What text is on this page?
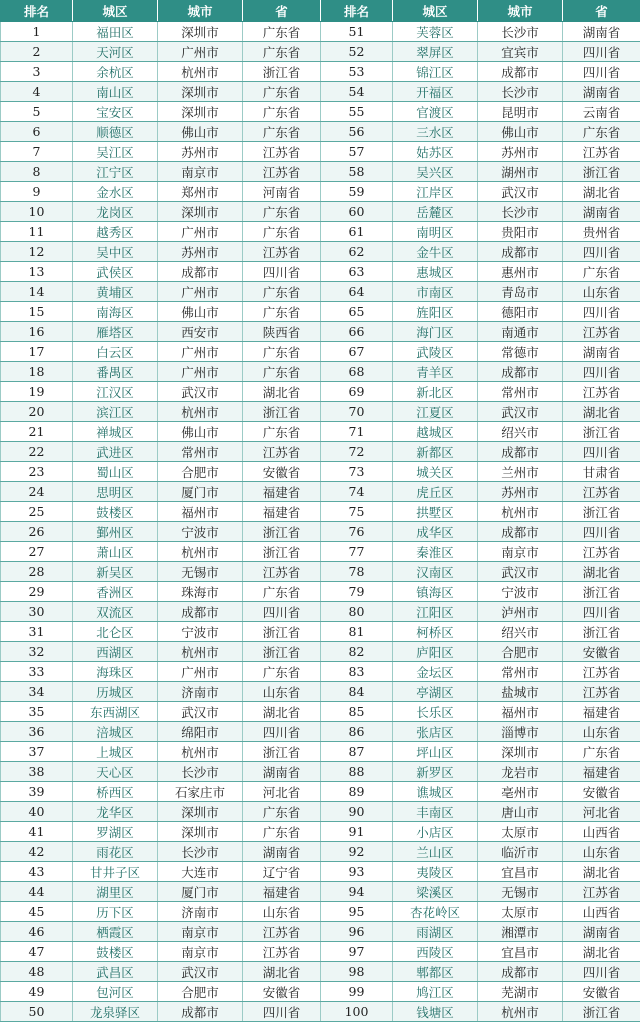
排名	城区	城市	省	排名	城区	城市	省
1	福田区	深圳市	广东省	51	芙蓉区	长沙市	湖南省
2	天河区	广州市	广东省	52	翠屏区	宜宾市	四川省
3	余杭区	杭州市	浙江省	53	锦江区	成都市	四川省
4	南山区	深圳市	广东省	54	开福区	长沙市	湖南省
5	宝安区	深圳市	广东省	55	官渡区	昆明市	云南省
6	顺德区	佛山市	广东省	56	三水区	佛山市	广东省
7	吴江区	苏州市	江苏省	57	姑苏区	苏州市	江苏省
8	江宁区	南京市	江苏省	58	吴兴区	湖州市	浙江省
9	金水区	郑州市	河南省	59	江岸区	武汉市	湖北省
10	龙岗区	深圳市	广东省	60	岳麓区	长沙市	湖南省
11	越秀区	广州市	广东省	61	南明区	贵阳市	贵州省
12	吴中区	苏州市	江苏省	62	金牛区	成都市	四川省
13	武侯区	成都市	四川省	63	惠城区	惠州市	广东省
14	黄埔区	广州市	广东省	64	市南区	青岛市	山东省
15	南海区	佛山市	广东省	65	旌阳区	德阳市	四川省
16	雁塔区	西安市	陕西省	66	海门区	南通市	江苏省
17	白云区	广州市	广东省	67	武陵区	常德市	湖南省
18	番禺区	广州市	广东省	68	青羊区	成都市	四川省
19	江汉区	武汉市	湖北省	69	新北区	常州市	江苏省
20	滨江区	杭州市	浙江省	70	江夏区	武汉市	湖北省
21	禅城区	佛山市	广东省	71	越城区	绍兴市	浙江省
22	武进区	常州市	江苏省	72	新都区	成都市	四川省
23	蜀山区	合肥市	安徽省	73	城关区	兰州市	甘肃省
24	思明区	厦门市	福建省	74	虎丘区	苏州市	江苏省
25	鼓楼区	福州市	福建省	75	拱墅区	杭州市	浙江省
26	鄞州区	宁波市	浙江省	76	成华区	成都市	四川省
27	萧山区	杭州市	浙江省	77	秦淮区	南京市	江苏省
28	新吴区	无锡市	江苏省	78	汉南区	武汉市	湖北省
29	香洲区	珠海市	广东省	79	镇海区	宁波市	浙江省
30	双流区	成都市	四川省	80	江阳区	泸州市	四川省
31	北仑区	宁波市	浙江省	81	柯桥区	绍兴市	浙江省
32	西湖区	杭州市	浙江省	82	庐阳区	合肥市	安徽省
33	海珠区	广州市	广东省	83	金坛区	常州市	江苏省
34	历城区	济南市	山东省	84	亭湖区	盐城市	江苏省
35	东西湖区	武汉市	湖北省	85	长乐区	福州市	福建省
36	涪城区	绵阳市	四川省	86	张店区	淄博市	山东省
37	上城区	杭州市	浙江省	87	坪山区	深圳市	广东省
38	天心区	长沙市	湖南省	88	新罗区	龙岩市	福建省
39	桥西区	石家庄市	河北省	89	谯城区	亳州市	安徽省
40	龙华区	深圳市	广东省	90	丰南区	唐山市	河北省
41	罗湖区	深圳市	广东省	91	小店区	太原市	山西省
42	雨花区	长沙市	湖南省	92	兰山区	临沂市	山东省
43	甘井子区	大连市	辽宁省	93	夷陵区	宜昌市	湖北省
44	湖里区	厦门市	福建省	94	梁溪区	无锡市	江苏省
45	历下区	济南市	山东省	95	杏花岭区	太原市	山西省
46	栖霞区	南京市	江苏省	96	雨湖区	湘潭市	湖南省
47	鼓楼区	南京市	江苏省	97	西陵区	宜昌市	湖北省
48	武昌区	武汉市	湖北省	98	郫都区	成都市	四川省
49	包河区	合肥市	安徽省	99	鸠江区	芜湖市	安徽省
50	龙泉驿区	成都市	四川省	100	钱塘区	杭州市	浙江省
